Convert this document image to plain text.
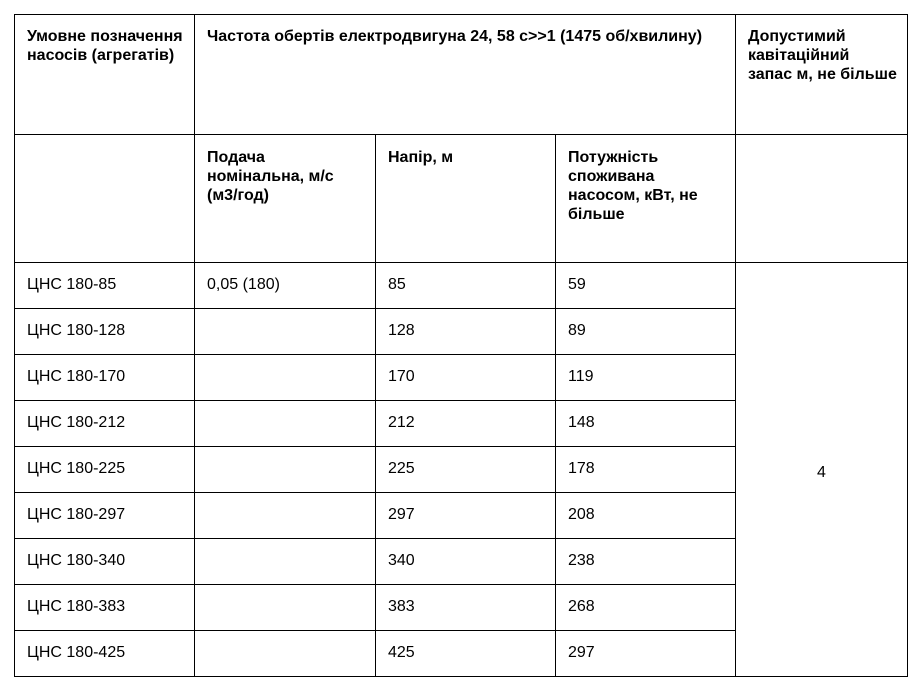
Умовне позначення насосів (агрегатів)	Частота обертів електродвигуна 24, 58 с>>1 (1475 об/хвилину)			Допустимий кавітаційний запас м, не більше
	Подача номінальна, м/с (м3/год)	Напір, м	Потужність споживана насосом, кВт, не більше	
ЦНС 180-85	0,05 (180)	85	59	4
ЦНС 180-128		128	89	
ЦНС 180-170		170	119	
ЦНС 180-212		212	148	
ЦНС 180-225		225	178	
ЦНС 180-297		297	208	
ЦНС 180-340		340	238	
ЦНС 180-383		383	268	
ЦНС 180-425		425	297	
